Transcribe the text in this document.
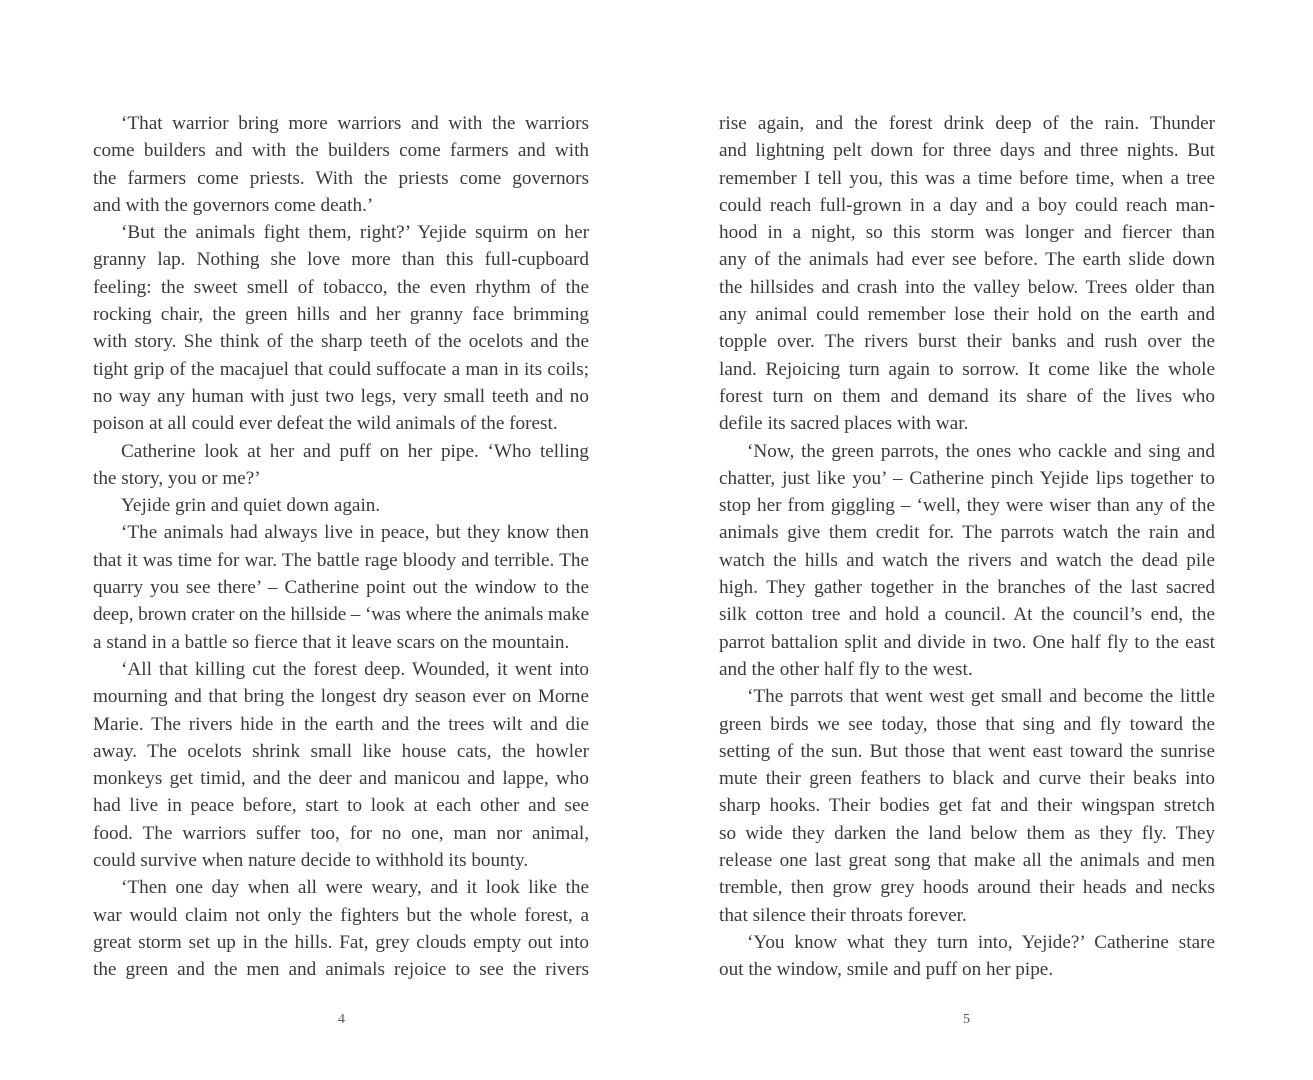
‘That warrior bring more warriors and with the warriors
come builders and with the builders come farmers and with
the farmers come priests. With the priests come governors
and with the governors come death.’
‘But the animals fight them, right?’ Yejide squirm on her
granny lap. Nothing she love more than this full-cupboard
feeling: the sweet smell of tobacco, the even rhythm of the
rocking chair, the green hills and her granny face brimming
with story. She think of the sharp teeth of the ocelots and the
tight grip of the macajuel that could suffocate a man in its coils;
no way any human with just two legs, very small teeth and no
poison at all could ever defeat the wild animals of the forest.
Catherine look at her and puff on her pipe. ‘Who telling
the story, you or me?’
Yejide grin and quiet down again.
‘The animals had always live in peace, but they know then
that it was time for war. The battle rage bloody and terrible. The
quarry you see there’ – Catherine point out the window to the
deep, brown crater on the hillside – ‘was where the animals make
a stand in a battle so fierce that it leave scars on the mountain.
‘All that killing cut the forest deep. Wounded, it went into
mourning and that bring the longest dry season ever on Morne
Marie. The rivers hide in the earth and the trees wilt and die
away. The ocelots shrink small like house cats, the howler
monkeys get timid, and the deer and manicou and lappe, who
had live in peace before, start to look at each other and see
food. The warriors suffer too, for no one, man nor animal,
could survive when nature decide to withhold its bounty.
‘Then one day when all were weary, and it look like the
war would claim not only the fighters but the whole forest, a
great storm set up in the hills. Fat, grey clouds empty out into
the green and the men and animals rejoice to see the rivers
4
rise again, and the forest drink deep of the rain. Thunder
and lightning pelt down for three days and three nights. But
remember I tell you, this was a time before time, when a tree
could reach full-grown in a day and a boy could reach man-
hood in a night, so this storm was longer and fiercer than
any of the animals had ever see before. The earth slide down
the hillsides and crash into the valley below. Trees older than
any animal could remember lose their hold on the earth and
topple over. The rivers burst their banks and rush over the
land. Rejoicing turn again to sorrow. It come like the whole
forest turn on them and demand its share of the lives who
defile its sacred places with war.
‘Now, the green parrots, the ones who cackle and sing and
chatter, just like you’ – Catherine pinch Yejide lips together to
stop her from giggling – ‘well, they were wiser than any of the
animals give them credit for. The parrots watch the rain and
watch the hills and watch the rivers and watch the dead pile
high. They gather together in the branches of the last sacred
silk cotton tree and hold a council. At the council’s end, the
parrot battalion split and divide in two. One half fly to the east
and the other half fly to the west.
‘The parrots that went west get small and become the little
green birds we see today, those that sing and fly toward the
setting of the sun. But those that went east toward the sunrise
mute their green feathers to black and curve their beaks into
sharp hooks. Their bodies get fat and their wingspan stretch
so wide they darken the land below them as they fly. They
release one last great song that make all the animals and men
tremble, then grow grey hoods around their heads and necks
that silence their throats forever.
‘You know what they turn into, Yejide?’ Catherine stare
out the window, smile and puff on her pipe.
5
